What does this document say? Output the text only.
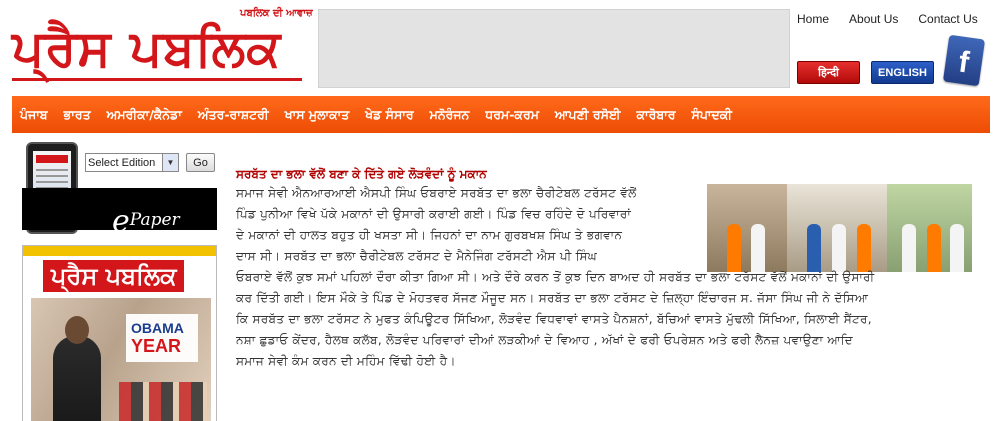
ਪਬਲਿਕ ਦੀ ਆਵਾਜ਼
ਪ੍ਰੈਸ ਪਬਲਿਕ	Home About Us Contact Us
हिन्दी	ENGLISH f
ਪੰਜਾਬ ਭਾਰਤ ਅਮਰੀਕਾ/ਕੈਨੇਡਾ ਅੰਤਰ-ਰਾਸ਼ਟਰੀ ਖਾਸ ਮੁਲਾਕਾਤ ਖੇਡ ਸੰਸਾਰ ਮਨੋਰੰਜਨ ਧਰਮ-ਕਰਮ ਆਪਣੀ ਰਸੋਈ ਕਾਰੋਬਾਰ ਸੰਪਾਦਕੀ
Select Edition	▼	Go
ePaper
ਪ੍ਰੈਸ ਪਬਲਿਕ
OBAMA
YEAR
ਸਰਬੱਤ ਦਾ ਭਲਾ ਵੱਲੋਂ ਬਣਾ ਕੇ ਦਿੱਤੇ ਗਏ ਲੋੜਵੰਦਾਂ ਨੂੰ ਮਕਾਨ
ਸਮਾਜ ਸੇਵੀ ਐਨਆਰਆਈ ਐਸਪੀ ਸਿੰਘ ਓਬਰਾਏ ਸਰਬੱਤ ਦਾ ਭਲਾ ਚੈਰੀਟੇਬਲ ਟਰੱਸਟ ਵੱਲੋਂ
ਪਿੰਡ ਪੁਨੀਆ ਵਿਖੇ ਪੱਕੇ ਮਕਾਨਾਂ ਦੀ ਉਸਾਰੀ ਕਰਾਈ ਗਈ। ਪਿੰਡ ਵਿਚ ਰਹਿੰਦੇ ਦੋ ਪਰਿਵਾਰਾਂ
ਦੇ ਮਕਾਨਾਂ ਦੀ ਹਾਲਤ ਬਹੁਤ ਹੀ ਖਸਤਾ ਸੀ। ਜਿਹਨਾਂ ਦਾ ਨਾਮ ਗੁਰਬਖਸ਼ ਸਿੰਘ ਤੇ ਭਗਵਾਨ
ਦਾਸ ਸੀ। ਸਰਬੱਤ ਦਾ ਭਲਾ ਚੈਰੀਟੇਬਲ ਟਰੱਸਟ ਦੇ ਮੈਨੇਜਿੰਗ ਟਰੱਸਟੀ ਐਸ ਪੀ ਸਿੰਘ
ਓਬਰਾਏ ਵੱਲੋਂ ਕੁਝ ਸਮਾਂ ਪਹਿਲਾਂ ਦੌਰਾ ਕੀਤਾ ਗਿਆ ਸੀ। ਅਤੇ ਦੌਰੇ ਕਰਨ ਤੋਂ ਕੁਝ ਦਿਨ ਬਾਅਦ ਹੀ ਸਰਬੱਤ ਦਾ ਭਲਾ ਟਰੱਸਟ ਵੱਲੋਂ ਮਕਾਨਾਂ ਦੀ ਉਸਾਰੀ
ਕਰ ਦਿੱਤੀ ਗਈ। ਇਸ ਮੌਕੇ ਤੇ ਪਿੰਡ ਦੇ ਮੋਹਤਵਰ ਸੱਜਣ ਮੌਜੂਦ ਸਨ। ਸਰਬੱਤ ਦਾ ਭਲਾ ਟਰੱਸਟ ਦੇ ਜ਼ਿਲ੍ਹਾ ਇੰਚਾਰਜ ਸ. ਜੱਸਾ ਸਿੰਘ ਜੀ ਨੇ ਦੱਸਿਆ
ਕਿ ਸਰਬੱਤ ਦਾ ਭਲਾ ਟਰੱਸਟ ਨੇ ਮੁਫਤ ਕੰਪਿਊਟਰ ਸਿੱਖਿਆ, ਲੋੜਵੰਦ ਵਿਧਵਾਵਾਂ ਵਾਸਤੇ ਪੈਨਸ਼ਨਾਂ, ਬੱਚਿਆਂ ਵਾਸਤੇ ਮੁੱਢਲੀ ਸਿੱਖਿਆ, ਸਿਲਾਈ ਸੈਂਟਰ,
ਨਸ਼ਾ ਛੁਡਾਓ ਕੇਂਦਰ, ਹੈਲਥ ਕਲੱਬ, ਲੋੜਵੰਦ ਪਰਿਵਾਰਾਂ ਦੀਆਂ ਲੜਕੀਆਂ ਦੇ ਵਿਆਹ , ਅੱਖਾਂ ਦੇ ਫਰੀ ਓਪਰੇਸ਼ਨ ਅਤੇ ਫਰੀ ਲੈਨਜ਼ ਪਵਾਉਣਾ ਆਦਿ
ਸਮਾਜ ਸੇਵੀ ਕੰਮ ਕਰਨ ਦੀ ਮਹਿੰਮ ਵਿੱਢੀ ਹੋਈ ਹੈ।
